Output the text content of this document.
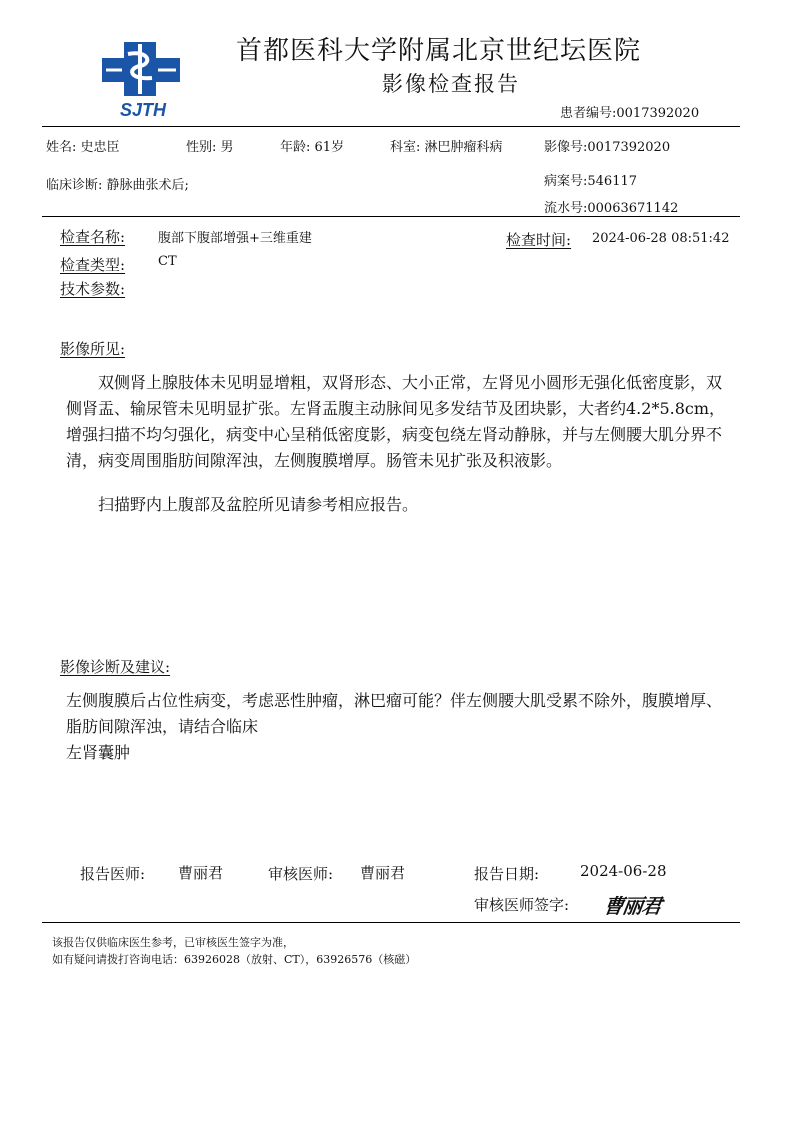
SJTH
首都医科大学附属北京世纪坛医院
影像检查报告
患者编号:0017392020
姓名: 史忠臣	性别: 男	年龄: 61岁	科室: 淋巴肿瘤科病	影像号:0017392020
临床诊断: 静脉曲张术后;	病案号:546117
流水号:00063671142
检查名称:	腹部下腹部增强+三维重建	检查时间: 2024-06-28 08:51:42
检查类型:	CT
技术参数:
影像所见:

双侧肾上腺肢体未见明显增粗，双肾形态、大小正常，左肾见小圆形无强化低密度影，双侧肾盂、输尿管未见明显扩张。左肾盂腹主动脉间见多发结节及团块影，大者约4.2*5.8cm，增强扫描不均匀强化，病变中心呈稍低密度影，病变包绕左肾动静脉，并与左侧腰大肌分界不清，病变周围脂肪间隙浑浊，左侧腹膜增厚。肠管未见扩张及积液影。

扫描野内上腹部及盆腔所见请参考相应报告。

影像诊断及建议:

左侧腹膜后占位性病变，考虑恶性肿瘤，淋巴瘤可能？伴左侧腰大肌受累不除外，腹膜增厚、脂肪间隙浑浊，请结合临床

左肾囊肿

报告医师: 曹丽君	审核医师: 曹丽君	报告日期:	2024-06-28
审核医师签字: 曹丽君
该报告仅供临床医生参考，已审核医生签字为准，
如有疑问请拨打咨询电话：63926028（放射、CT），63926576（核磁）
